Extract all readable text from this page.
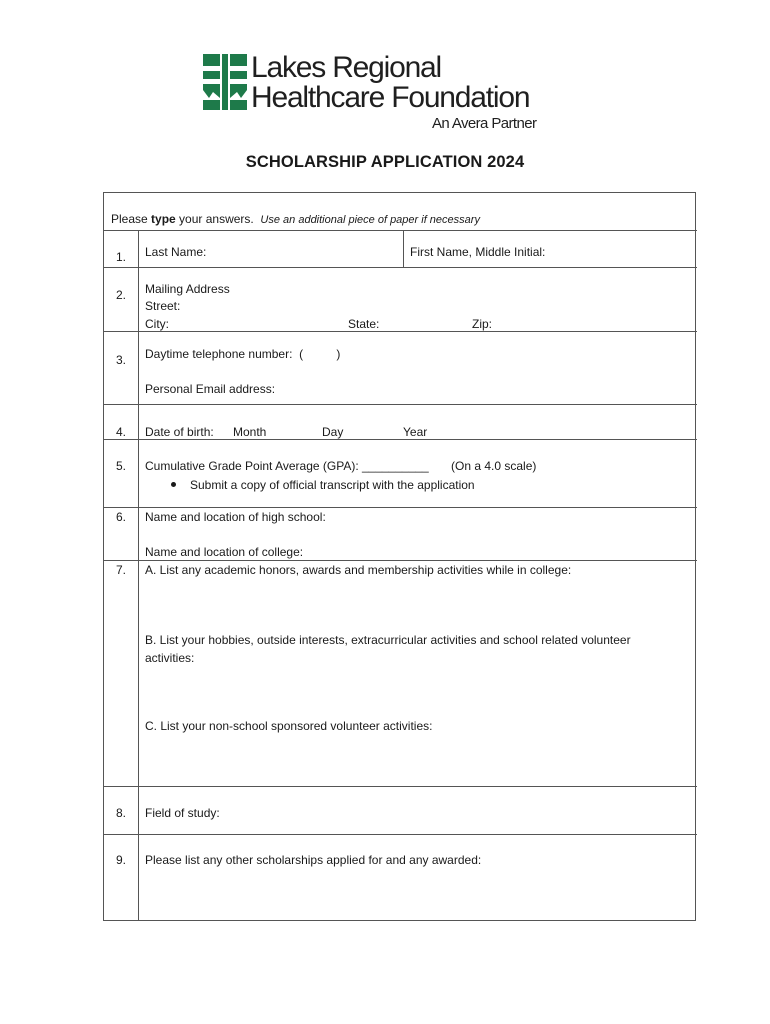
Lakes Regional
Healthcare Foundation
An Avera Partner
SCHOLARSHIP APPLICATION 2024
Please type your answers. Use an additional piece of paper if necessary
1. Last Name:	First Name, Middle Initial:
2. Mailing Address
Street:
City:	State:	Zip:
3. Daytime telephone number:  (          )
Personal Email address:
4. Date of birth: Month	Day	Year
5. Cumulative Grade Point Average (GPA): __________ (On a 4.0 scale)
Submit a copy of official transcript with the application
6. Name and location of high school:
Name and location of college:
7. A. List any academic honors, awards and membership activities while in college:
B. List your hobbies, outside interests, extracurricular activities and school related volunteer
activities:
C. List your non-school sponsored volunteer activities:
8. Field of study:
9. Please list any other scholarships applied for and any awarded:
